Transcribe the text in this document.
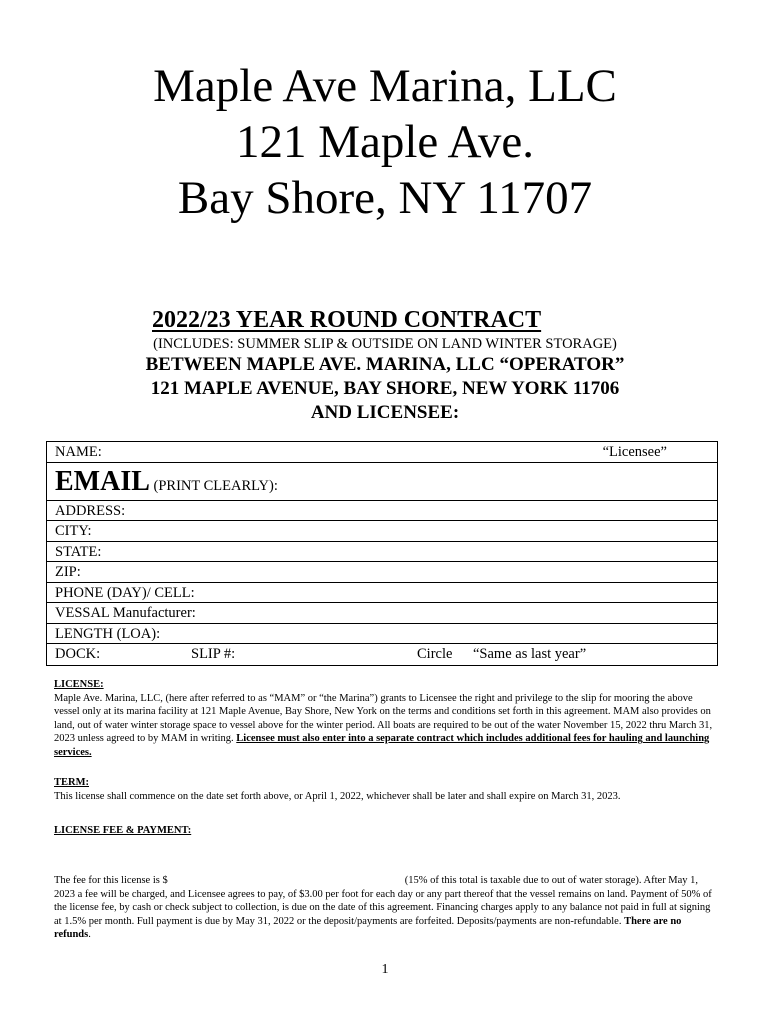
Maple Ave Marina, LLC
121 Maple Ave.
Bay Shore, NY 11707
2022/23 YEAR ROUND CONTRACT
(INCLUDES: SUMMER SLIP & OUTSIDE ON LAND WINTER STORAGE)
BETWEEN MAPLE AVE. MARINA, LLC “OPERATOR”
121 MAPLE AVENUE, BAY SHORE, NEW YORK 11706
AND LICENSEE:
NAME:	“Licensee”
EMAIL (PRINT CLEARLY):
ADDRESS:
CITY:
STATE:
ZIP:
PHONE (DAY)/ CELL:
VESSAL Manufacturer:
LENGTH (LOA):
DOCK:	SLIP #:	Circle “Same as last year”
LICENSE:
Maple Ave. Marina, LLC, (here after referred to as “MAM” or “the Marina”) grants to Licensee the right and privilege to the slip for mooring the above vessel only at its marina facility at 121 Maple Avenue, Bay Shore, New York on the terms and conditions set forth in this agreement. MAM also provides on land, out of water winter storage space to vessel above for the winter period. All boats are required to be out of the water November 15, 2022 thru March 31, 2023 unless agreed to by MAM in writing. Licensee must also enter into a separate contract which includes additional fees for hauling and launching services.
TERM:
This license shall commence on the date set forth above, or April 1, 2022, whichever shall be later and shall expire on March 31, 2023.
LICENSE FEE & PAYMENT:
The fee for this license is $	(15% of this total is taxable due to out of water storage). After May 1, 2023 a fee will be charged, and Licensee agrees to pay, of $3.00 per foot for each day or any part thereof that the vessel remains on land. Payment of 50% of the license fee, by cash or check subject to collection, is due on the date of this agreement. Financing charges apply to any balance not paid in full at signing at 1.5% per month. Full payment is due by May 31, 2022 or the deposit/payments are forfeited. Deposits/payments are non-refundable. There are no refunds.
1
